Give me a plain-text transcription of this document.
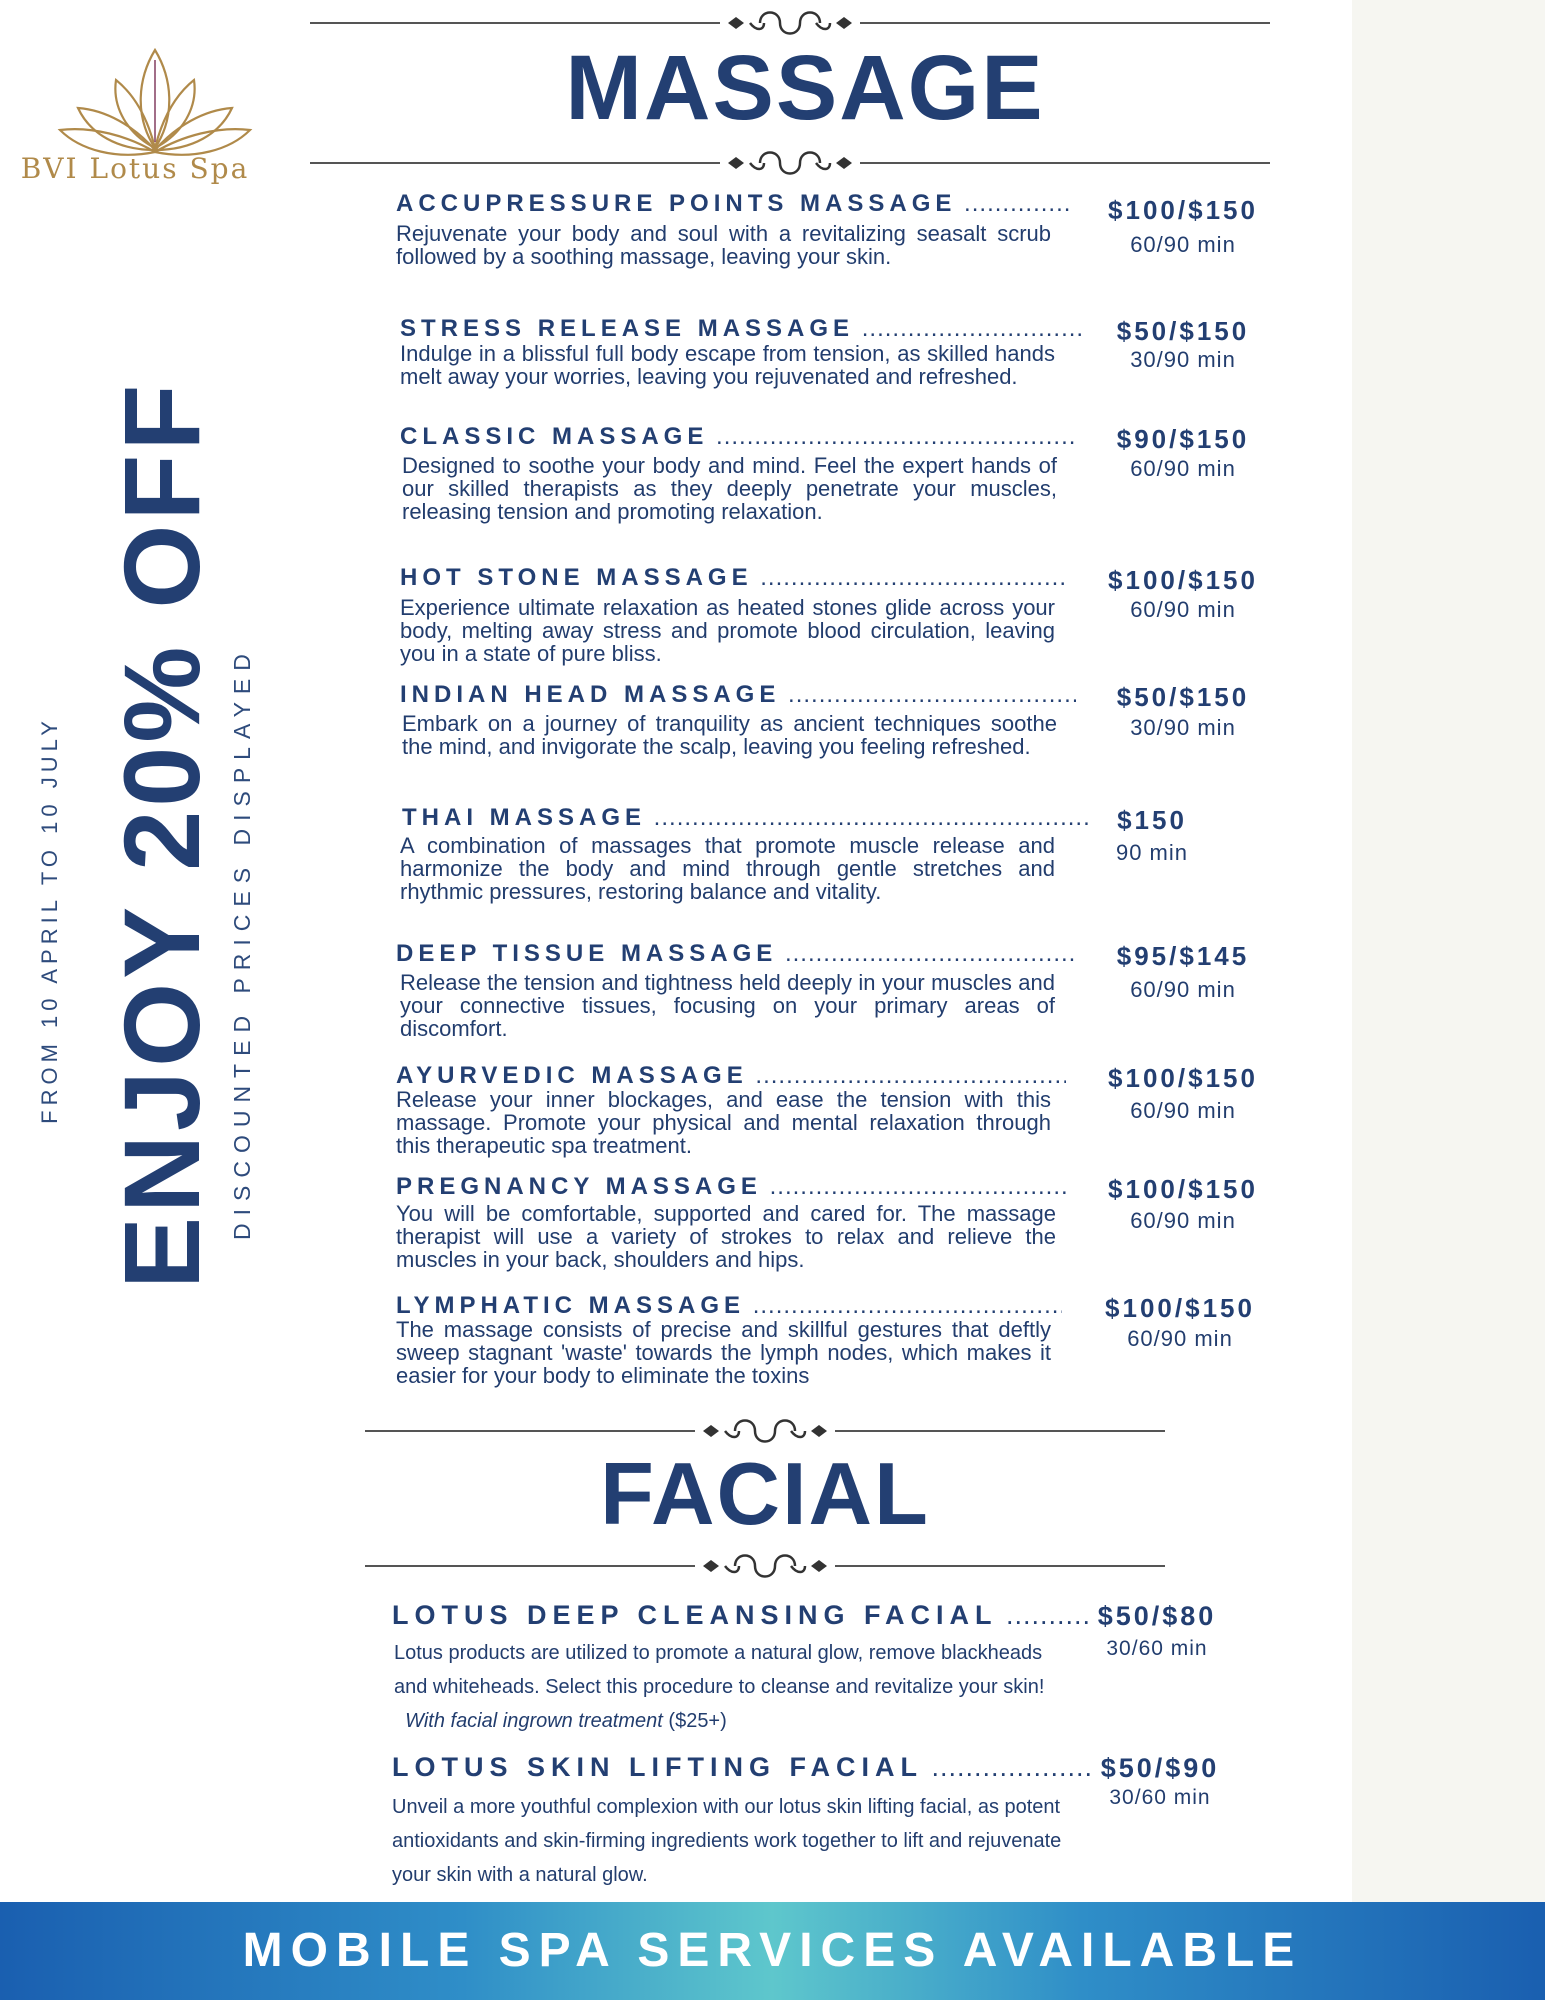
BVI Lotus Spa
ENJOY 20% OFF
FROM 10 APRIL TO 10 JULY	DISCOUNTED PRICES DISPLAYED
MASSAGE
ACCUPRESSURE POINTS MASSAGE .....
Rejuvenate your body and soul with a revitalizing seasalt scrub followed by a soothing massage, leaving your skin.
$100/$150
60/90 min
STRESS RELEASE MASSAGE .....
Indulge in a blissful full body escape from tension, as skilled hands melt away your worries, leaving you rejuvenated and refreshed.
$50/$150
30/90 min
CLASSIC MASSAGE .....
Designed to soothe your body and mind. Feel the expert hands of our skilled therapists as they deeply penetrate your muscles, releasing tension and promoting relaxation.
$90/$150
60/90 min
HOT STONE MASSAGE .....
Experience ultimate relaxation as heated stones glide across your body, melting away stress and promote blood circulation, leaving you in a state of pure bliss.
$100/$150
60/90 min
INDIAN HEAD MASSAGE .....
Embark on a journey of tranquility as ancient techniques soothe the mind, and invigorate the scalp, leaving you feeling refreshed.
$50/$150
30/90 min
THAI MASSAGE .....
A combination of massages that promote muscle release and harmonize the body and mind through gentle stretches and rhythmic pressures, restoring balance and vitality.
$150
90 min
DEEP TISSUE MASSAGE .....
Release the tension and tightness held deeply in your muscles and your connective tissues, focusing on your primary areas of discomfort.
$95/$145
60/90 min
AYURVEDIC MASSAGE .....
Release your inner blockages, and ease the tension with this massage. Promote your physical and mental relaxation through this therapeutic spa treatment.
$100/$150
60/90 min
PREGNANCY MASSAGE .....
You will be comfortable, supported and cared for. The massage therapist will use a variety of strokes to relax and relieve the muscles in your back, shoulders and hips.
$100/$150
60/90 min
LYMPHATIC MASSAGE .....
The massage consists of precise and skillful gestures that deftly sweep stagnant 'waste' towards the lymph nodes, which makes it easier for your body to eliminate the toxins
$100/$150
60/90 min
FACIAL
LOTUS DEEP CLEANSING FACIAL .....
Lotus products are utilized to promote a natural glow, remove blackheads and whiteheads. Select this procedure to cleanse and revitalize your skin!   With facial ingrown treatment ($25+)
$50/$80
30/60 min
LOTUS SKIN LIFTING FACIAL .....
Unveil a more youthful complexion with our lotus skin lifting facial, as potent antioxidants and skin-firming ingredients work together to lift and rejuvenate your skin with a natural glow.
$50/$90
30/60 min
MOBILE SPA SERVICES AVAILABLE
